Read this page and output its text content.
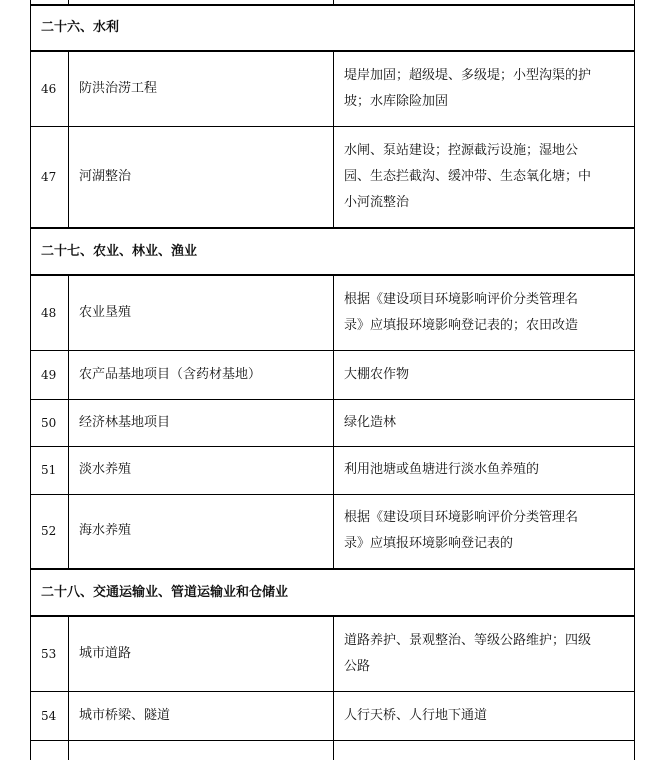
二十六、水利		
46	防洪治涝工程	堤岸加固；超级堤、多级堤；小型沟渠的护
坡；水库除险加固

47	河湖整治	水闸、泵站建设；控源截污设施；湿地公
园、生态拦截沟、缓冲带、生态氧化塘；中
小河流整治

二十七、农业、林业、渔业		
48	农业垦殖	根据《建设项目环境影响评价分类管理名
录》应填报环境影响登记表的；农田改造

49	农产品基地项目（含药材基地）	大棚农作物

50	经济林基地项目	绿化造林

51	淡水养殖	利用池塘或鱼塘进行淡水鱼养殖的

52	海水养殖	根据《建设项目环境影响评价分类管理名
录》应填报环境影响登记表的

二十八、交通运输业、管道运输业和仓储业		
53	城市道路	道路养护、景观整治、等级公路维护；四级
公路

54	城市桥梁、隧道	人行天桥、人行地下通道
